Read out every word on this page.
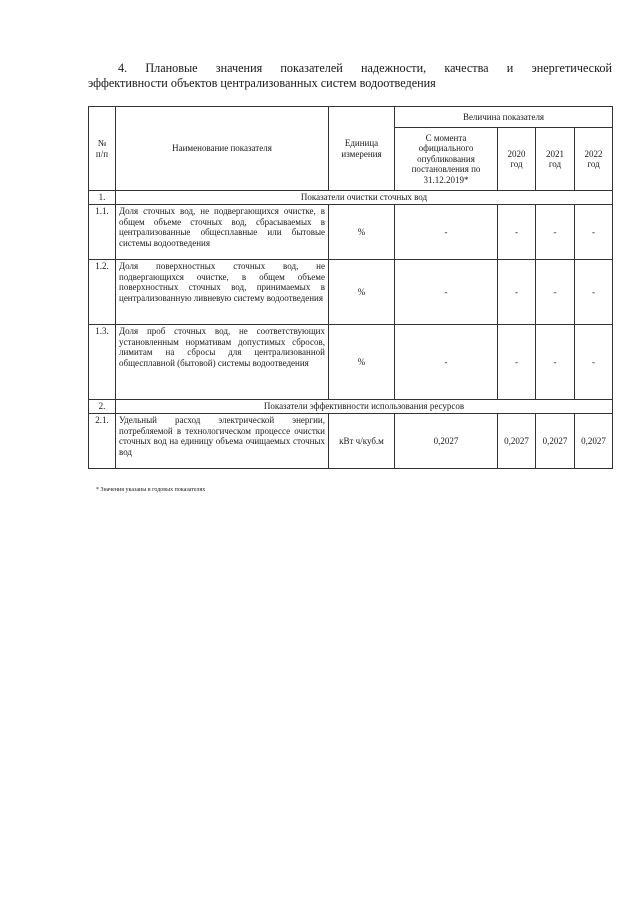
4. Плановые значения показателей надежности, качества и энергетической
эффективности объектов централизованных систем водоотведения
№
п/п	Наименование показателя	Единица измерения	Величина показателя			
			С момента официального опубликования постановления по 31.12.2019*	2020 год	2021 год	2022 год
1.	Показатели очистки сточных вод					
1.1.	Доля сточных вод, не подвергающихся очистке, в общем объеме сточных вод, сбрасываемых в централизованные общесплавные или бытовые системы водоотведения	%	-	-	-	-
1.2.	Доля поверхностных сточных вод, не подвергающихся очистке, в общем объеме поверхностных сточных вод, принимаемых в централизованную ливневую систему водоотведения	%	-	-	-	-
1.3.	Доля проб сточных вод, не соответствующих установленным нормативам допустимых сбросов, лимитам на сбросы для централизованной общесплавной (бытовой) системы водоотведения	%	-	-	-	-
2.	Показатели эффективности использования ресурсов					
2.1.	Удельный расход электрической энергии, потребляемой в технологическом процессе очистки сточных вод на единицу объема очищаемых сточных вод	кВт ч/куб.м	0,2027	0,2027	0,2027	0,2027
* Значения указаны в годовых показателях
